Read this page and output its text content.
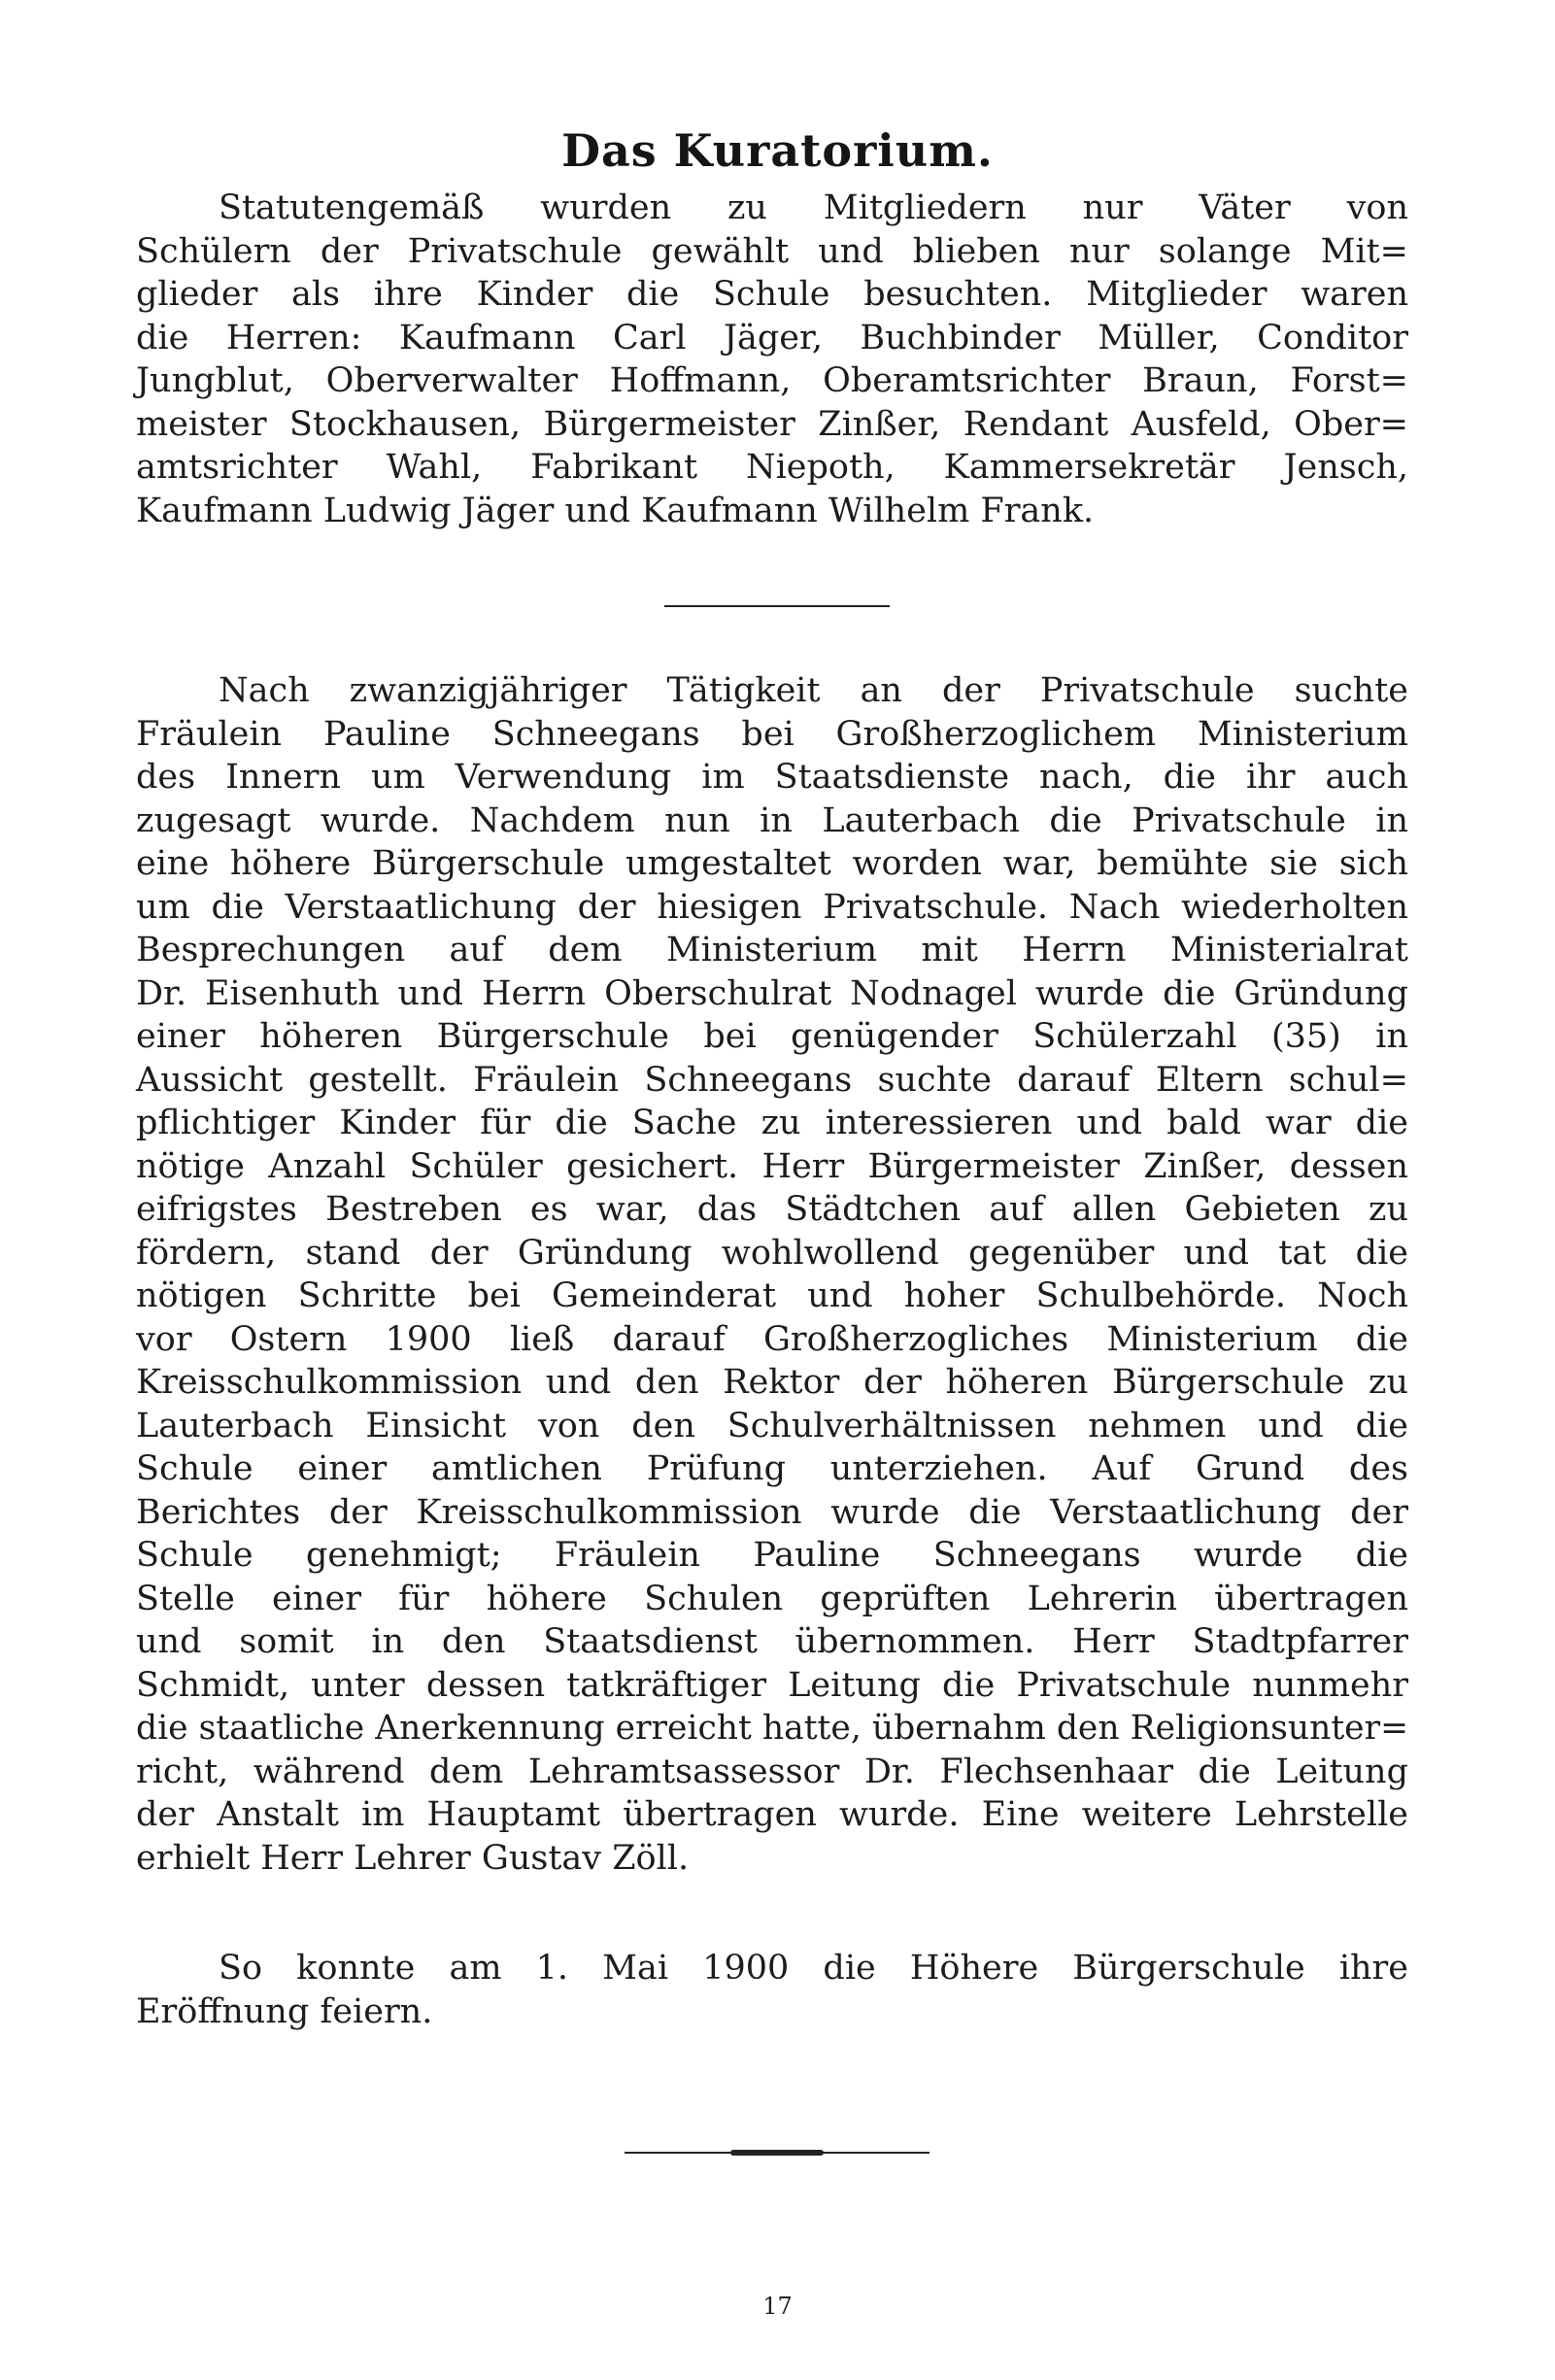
Das Kuratorium.
Statutengemäß wurden zu Mitgliedern nur Väter von
Schülern der Privatschule gewählt und blieben nur solange Mit=
glieder als ihre Kinder die Schule besuchten. Mitglieder waren
die Herren: Kaufmann Carl Jäger, Buchbinder Müller, Conditor
Jungblut, Oberverwalter Hoffmann, Oberamtsrichter Braun, Forst=
meister Stockhausen, Bürgermeister Zinßer, Rendant Ausfeld, Ober=
amtsrichter Wahl, Fabrikant Niepoth, Kammersekretär Jensch,
Kaufmann Ludwig Jäger und Kaufmann Wilhelm Frank.
Nach zwanzigjähriger Tätigkeit an der Privatschule suchte
Fräulein Pauline Schneegans bei Großherzoglichem Ministerium
des Innern um Verwendung im Staatsdienste nach, die ihr auch
zugesagt wurde. Nachdem nun in Lauterbach die Privatschule in
eine höhere Bürgerschule umgestaltet worden war, bemühte sie sich
um die Verstaatlichung der hiesigen Privatschule. Nach wiederholten
Besprechungen auf dem Ministerium mit Herrn Ministerialrat
Dr. Eisenhuth und Herrn Oberschulrat Nodnagel wurde die Gründung
einer höheren Bürgerschule bei genügender Schülerzahl (35) in
Aussicht gestellt. Fräulein Schneegans suchte darauf Eltern schul=
pflichtiger Kinder für die Sache zu interessieren und bald war die
nötige Anzahl Schüler gesichert. Herr Bürgermeister Zinßer, dessen
eifrigstes Bestreben es war, das Städtchen auf allen Gebieten zu
fördern, stand der Gründung wohlwollend gegenüber und tat die
nötigen Schritte bei Gemeinderat und hoher Schulbehörde. Noch
vor Ostern 1900 ließ darauf Großherzogliches Ministerium die
Kreisschulkommission und den Rektor der höheren Bürgerschule zu
Lauterbach Einsicht von den Schulverhältnissen nehmen und die
Schule einer amtlichen Prüfung unterziehen. Auf Grund des
Berichtes der Kreisschulkommission wurde die Verstaatlichung der
Schule genehmigt; Fräulein Pauline Schneegans wurde die
Stelle einer für höhere Schulen geprüften Lehrerin übertragen
und somit in den Staatsdienst übernommen. Herr Stadtpfarrer
Schmidt, unter dessen tatkräftiger Leitung die Privatschule nunmehr
die staatliche Anerkennung erreicht hatte, übernahm den Religionsunter=
richt, während dem Lehramtsassessor Dr. Flechsenhaar die Leitung
der Anstalt im Hauptamt übertragen wurde. Eine weitere Lehrstelle
erhielt Herr Lehrer Gustav Zöll.
So konnte am 1. Mai 1900 die Höhere Bürgerschule ihre
Eröffnung feiern.
17
